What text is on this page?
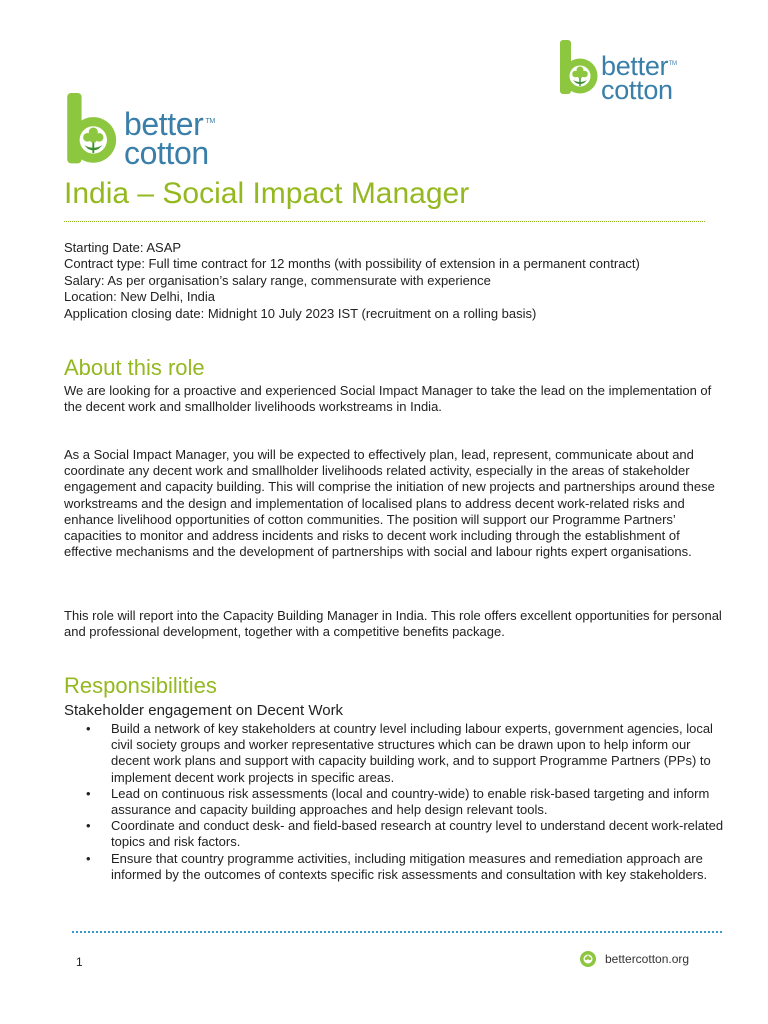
better
cotton
TM
better
cotton
TM
India – Social Impact Manager
Starting Date: ASAP
Contract type: Full time contract for 12 months (with possibility of extension in a permanent contract)
Salary: As per organisation’s salary range, commensurate with experience
Location: New Delhi, India
Application closing date: Midnight 10 July 2023 IST (recruitment on a rolling basis)
About this role

We are looking for a proactive and experienced Social Impact Manager to take the lead on the implementation of the decent work and smallholder livelihoods workstreams in India.

As a Social Impact Manager, you will be expected to effectively plan, lead, represent, communicate about and coordinate any decent work and smallholder livelihoods related activity, especially in the areas of stakeholder engagement and capacity building. This will comprise the initiation of new projects and partnerships around these workstreams and the design and implementation of localised plans to address decent work-related risks and enhance livelihood opportunities of cotton communities. The position will support our Programme Partners’ capacities to monitor and address incidents and risks to decent work including through the establishment of effective mechanisms and the development of partnerships with social and labour rights expert organisations.

This role will report into the Capacity Building Manager in India. This role offers excellent opportunities for personal and professional development, together with a competitive benefits package.

Responsibilities
Stakeholder engagement on Decent Work
• Build a network of key stakeholders at country level including labour experts, government agencies, local civil society groups and worker representative structures which can be drawn upon to help inform our decent work plans and support with capacity building work, and to support Programme Partners (PPs) to implement decent work projects in specific areas.
• Lead on continuous risk assessments (local and country-wide) to enable risk-based targeting and inform assurance and capacity building approaches and help design relevant tools.
• Coordinate and conduct desk- and field-based research at country level to understand decent work-related topics and risk factors.
• Ensure that country programme activities, including mitigation measures and remediation approach are informed by the outcomes of contexts specific risk assessments and consultation with key stakeholders.
1	bettercotton.org
